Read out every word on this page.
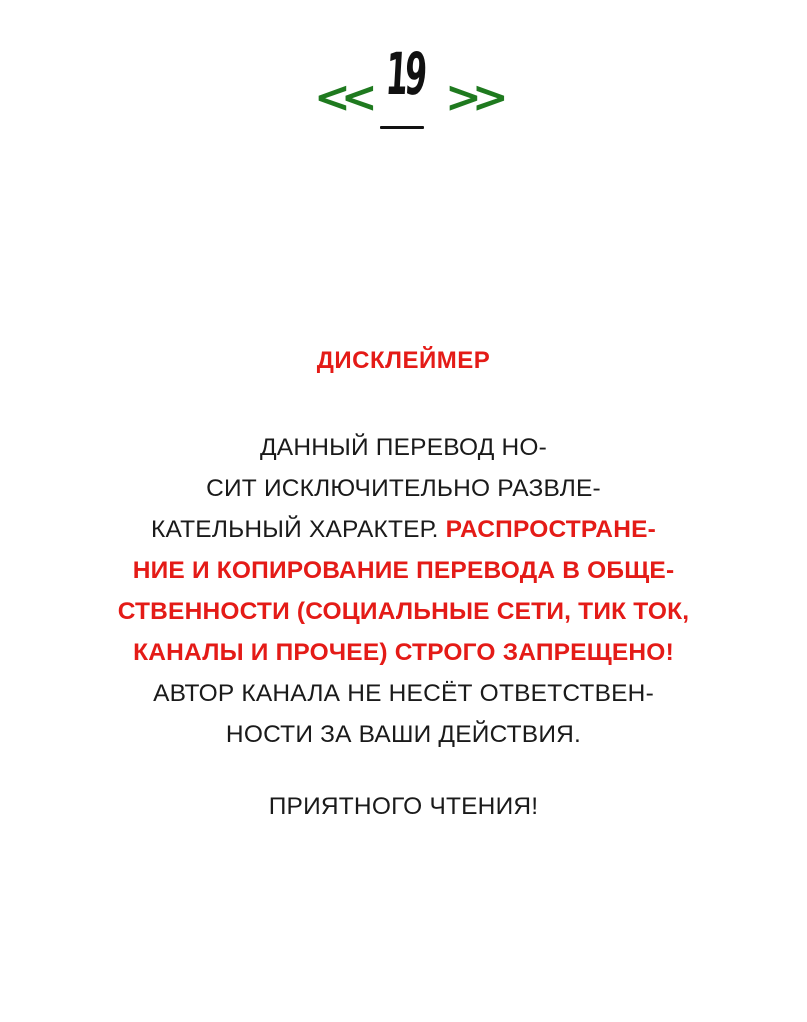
<< 19 >>
ДИСКЛЕЙМЕР
ДАННЫЙ ПЕРЕВОД НО-
СИТ ИСКЛЮЧИТЕЛЬНО РАЗВЛЕ-
КАТЕЛЬНЫЙ ХАРАКТЕР. РАСПРОСТРАНЕ-
НИЕ И КОПИРОВАНИЕ ПЕРЕВОДА В ОБЩЕ-
СТВЕННОСТИ (СОЦИАЛЬНЫЕ СЕТИ, ТИК ТОК,
КАНАЛЫ И ПРОЧЕЕ) СТРОГО ЗАПРЕЩЕНО!
АВТОР КАНАЛА НЕ НЕСЁТ ОТВЕТСТВЕН-
НОСТИ ЗА ВАШИ ДЕЙСТВИЯ.
ПРИЯТНОГО ЧТЕНИЯ!
